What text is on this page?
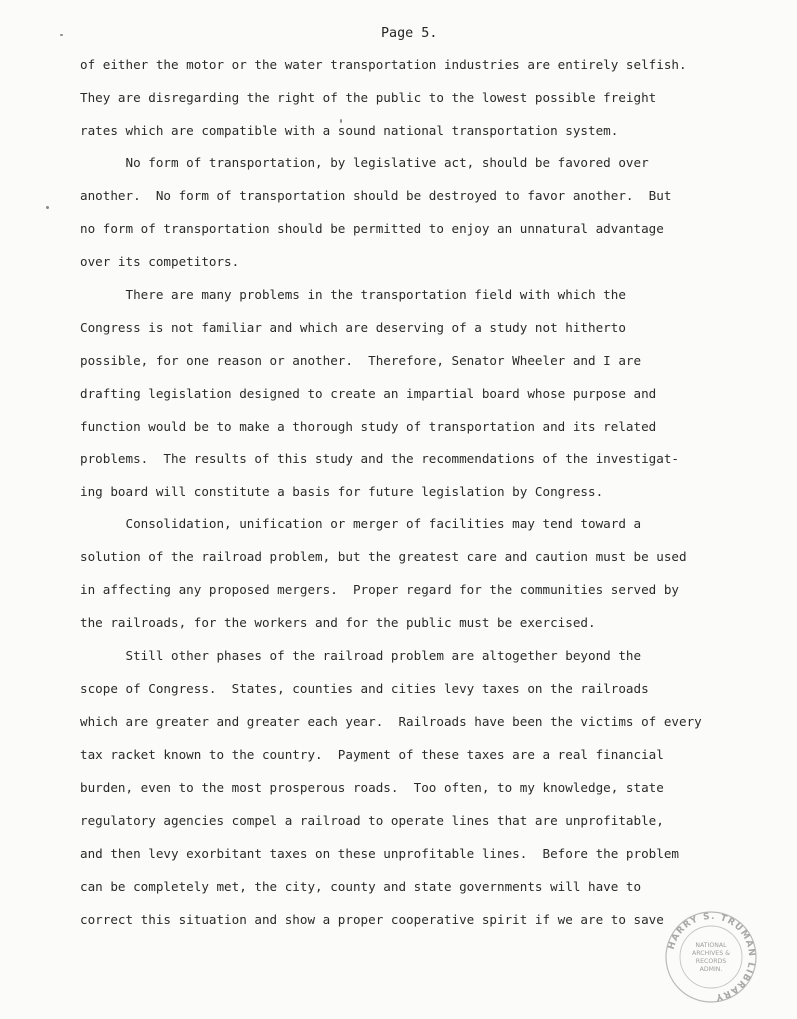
Page 5.
of either the motor or the water transportation industries are entirely selfish.
They are disregarding the right of the public to the lowest possible freight
rates which are compatible with a sound national transportation system.
No form of transportation, by legislative act, should be favored over
another.  No form of transportation should be destroyed to favor another.  But
no form of transportation should be permitted to enjoy an unnatural advantage
over its competitors.
There are many problems in the transportation field with which the
Congress is not familiar and which are deserving of a study not hitherto
possible, for one reason or another.  Therefore, Senator Wheeler and I are
drafting legislation designed to create an impartial board whose purpose and
function would be to make a thorough study of transportation and its related
problems.  The results of this study and the recommendations of the investigat-
ing board will constitute a basis for future legislation by Congress.
Consolidation, unification or merger of facilities may tend toward a
solution of the railroad problem, but the greatest care and caution must be used
in affecting any proposed mergers.  Proper regard for the communities served by
the railroads, for the workers and for the public must be exercised.
Still other phases of the railroad problem are altogether beyond the
scope of Congress.  States, counties and cities levy taxes on the railroads
which are greater and greater each year.  Railroads have been the victims of every
tax racket known to the country.  Payment of these taxes are a real financial
burden, even to the most prosperous roads.  Too often, to my knowledge, state
regulatory agencies compel a railroad to operate lines that are unprofitable,
and then levy exorbitant taxes on these unprofitable lines.  Before the problem
can be completely met, the city, county and state governments will have to
correct this situation and show a proper cooperative spirit if we are to save
HARRY S. TRUMAN LIBRARY
NATIONAL
ARCHIVES &
RECORDS
ADMIN.
